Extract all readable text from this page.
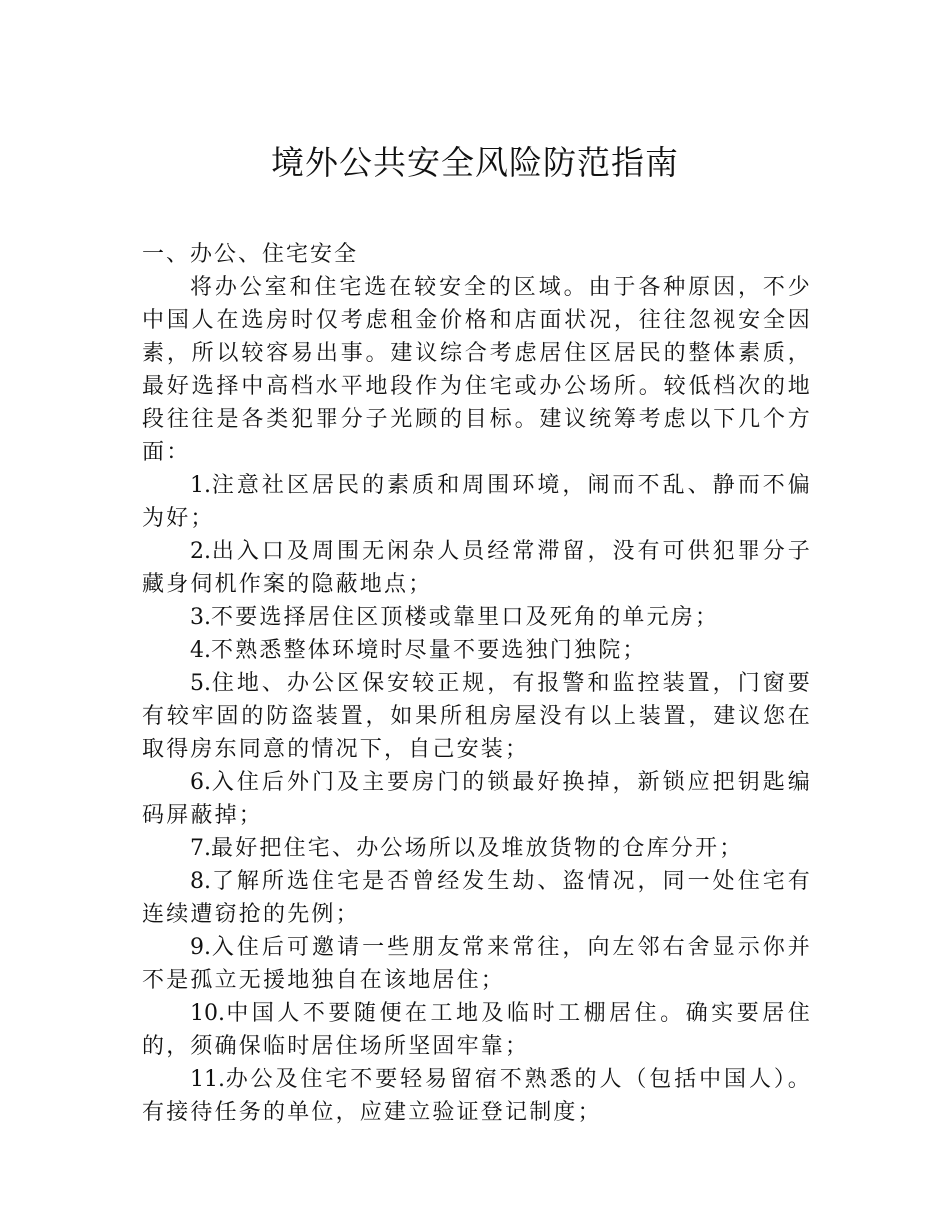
境外公共安全风险防范指南
一、办公、住宅安全

将办公室和住宅选在较安全的区域。由于各种原因，不少中国人在选房时仅考虑租金价格和店面状况，往往忽视安全因素，所以较容易出事。建议综合考虑居住区居民的整体素质，最好选择中高档水平地段作为住宅或办公场所。较低档次的地段往往是各类犯罪分子光顾的目标。建议统筹考虑以下几个方面：

1.注意社区居民的素质和周围环境，闹而不乱、静而不偏为好；

2.出入口及周围无闲杂人员经常滞留，没有可供犯罪分子藏身伺机作案的隐蔽地点；

3.不要选择居住区顶楼或靠里口及死角的单元房；

4.不熟悉整体环境时尽量不要选独门独院；

5.住地、办公区保安较正规，有报警和监控装置，门窗要有较牢固的防盗装置，如果所租房屋没有以上装置，建议您在取得房东同意的情况下，自己安装；

6.入住后外门及主要房门的锁最好换掉，新锁应把钥匙编码屏蔽掉；

7.最好把住宅、办公场所以及堆放货物的仓库分开；

8.了解所选住宅是否曾经发生劫、盗情况，同一处住宅有连续遭窃抢的先例；

9.入住后可邀请一些朋友常来常往，向左邻右舍显示你并不是孤立无援地独自在该地居住；

10.中国人不要随便在工地及临时工棚居住。确实要居住的，须确保临时居住场所坚固牢靠；

11.办公及住宅不要轻易留宿不熟悉的人（包括中国人）。有接待任务的单位，应建立验证登记制度；
